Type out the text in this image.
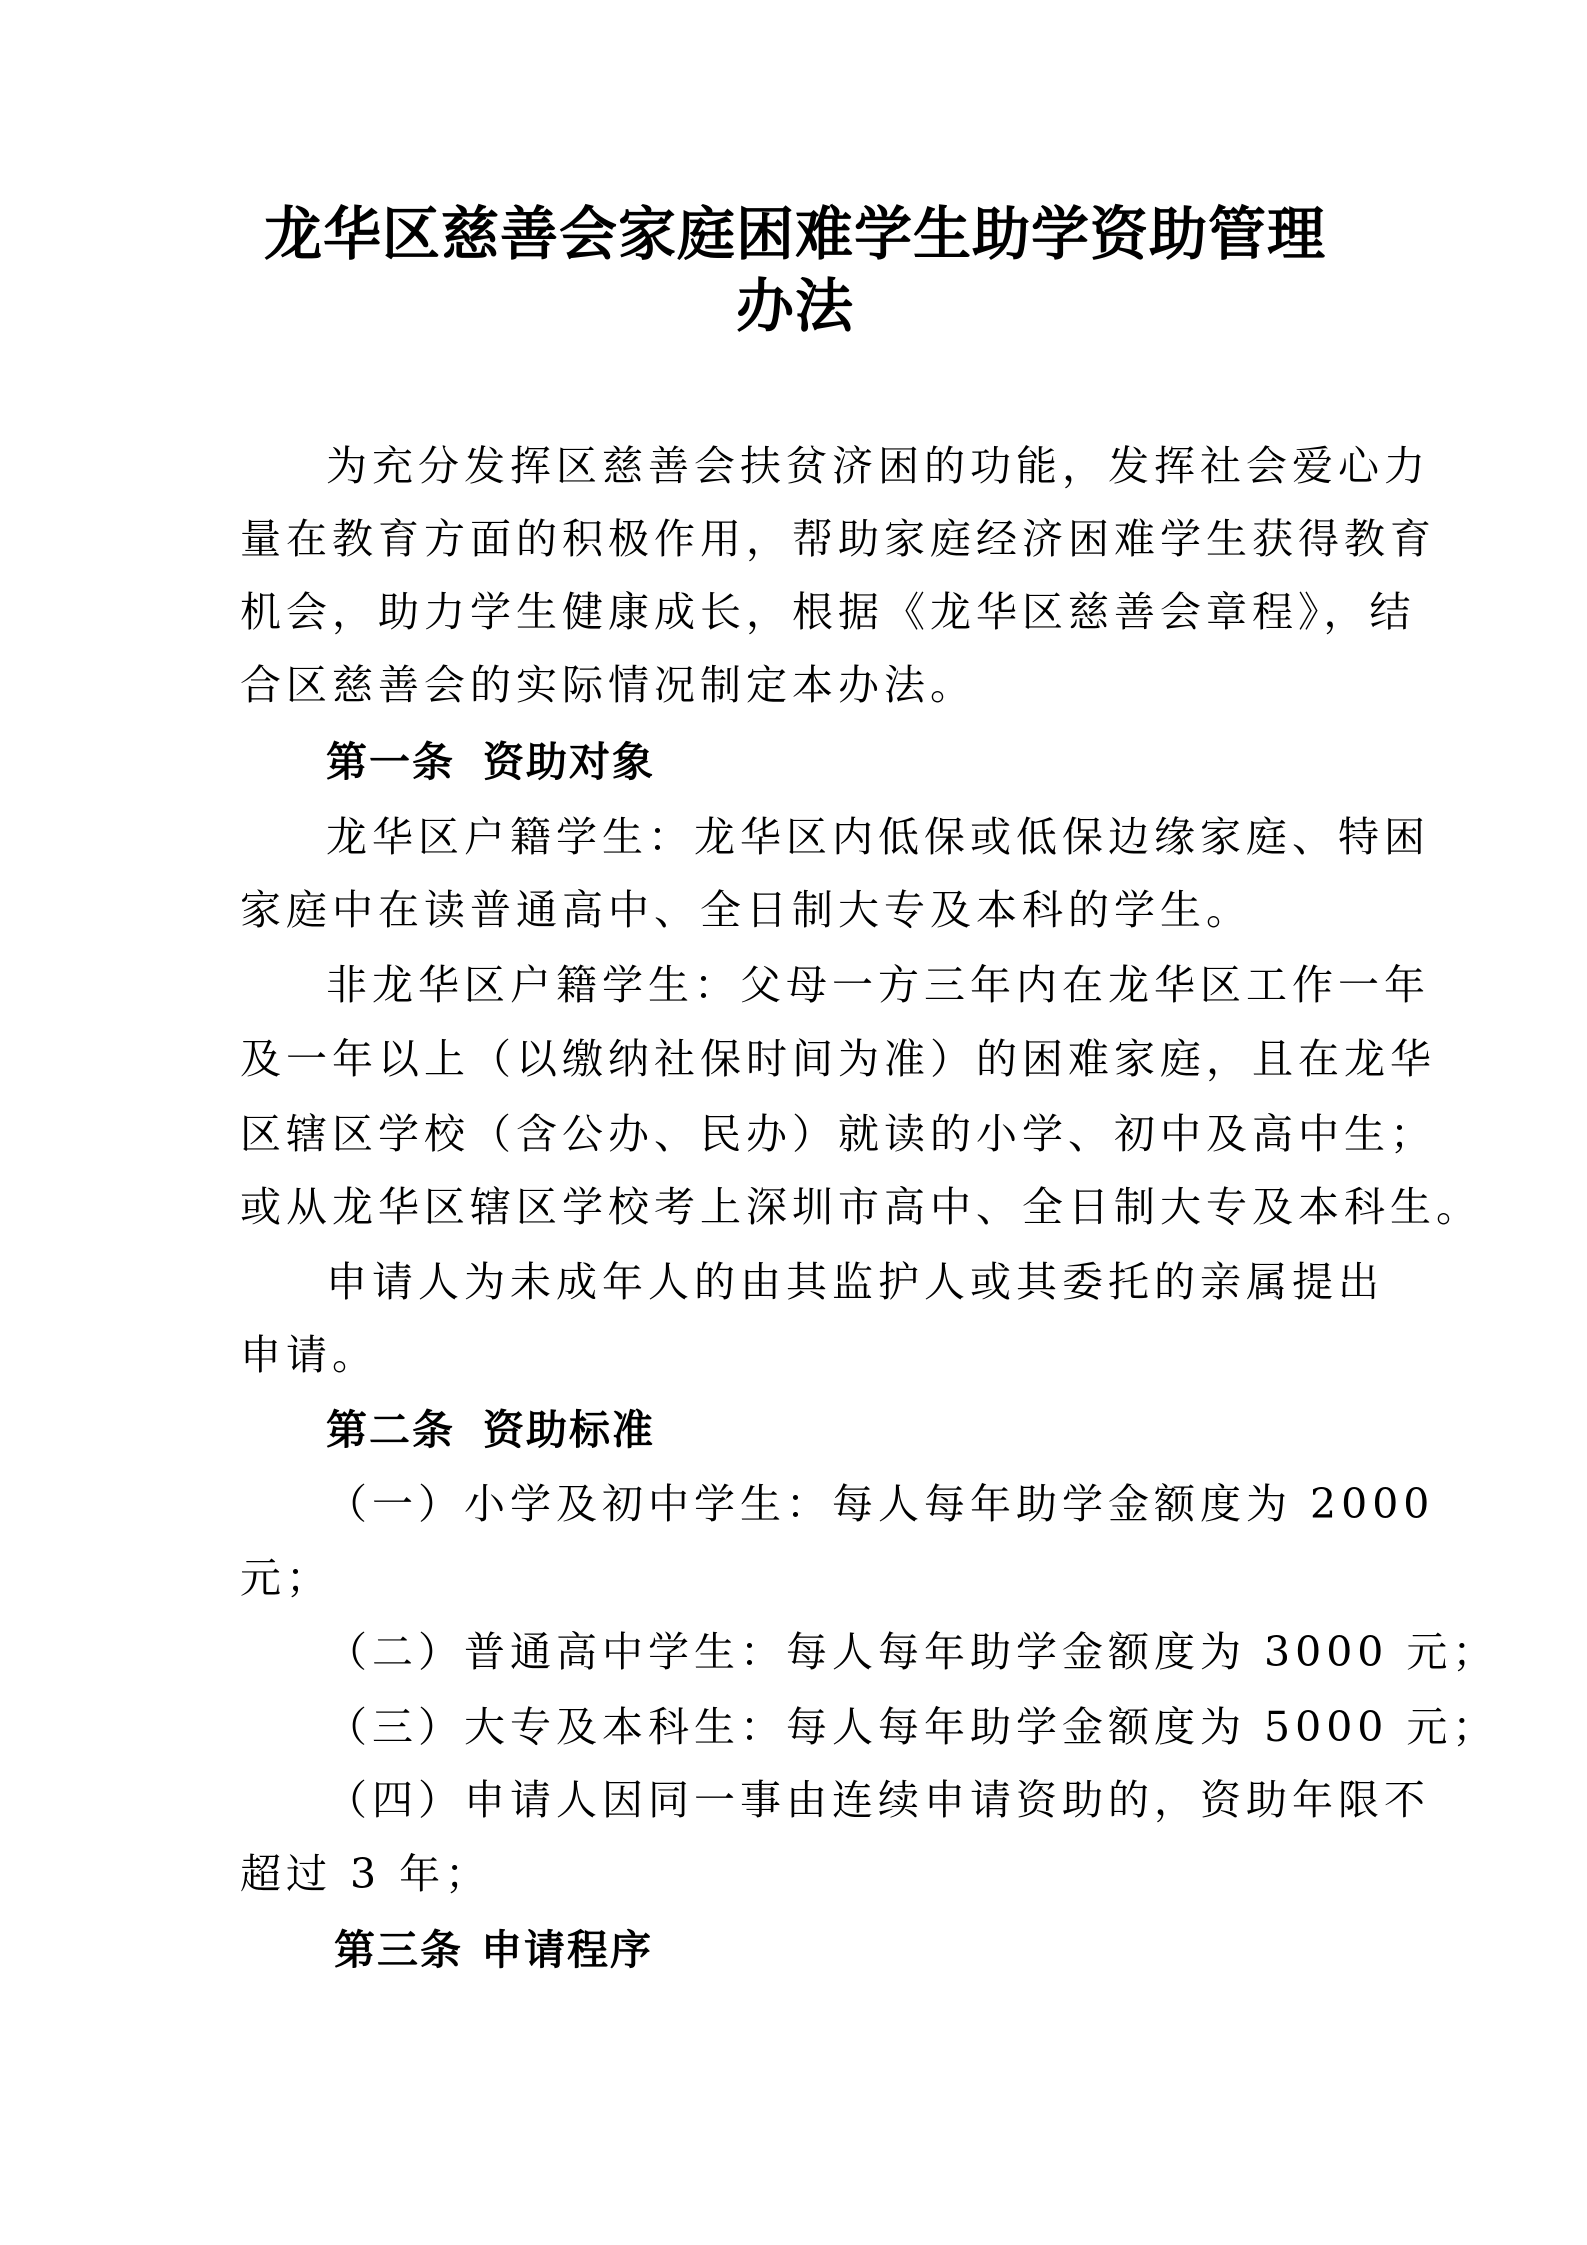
龙华区慈善会家庭困难学生助学资助管理
办法
为充分发挥区慈善会扶贫济困的功能，发挥社会爱心力
量在教育方面的积极作用，帮助家庭经济困难学生获得教育
机会，助力学生健康成长，根据《龙华区慈善会章程》，结
合区慈善会的实际情况制定本办法。
第一条 资助对象
龙华区户籍学生：龙华区内低保或低保边缘家庭、特困
家庭中在读普通高中、全日制大专及本科的学生。
非龙华区户籍学生：父母一方三年内在龙华区工作一年
及一年以上（以缴纳社保时间为准）的困难家庭，且在龙华
区辖区学校（含公办、民办）就读的小学、初中及高中生；
或从龙华区辖区学校考上深圳市高中、全日制大专及本科生。
申请人为未成年人的由其监护人或其委托的亲属提出
申请。
第二条 资助标准
（一）小学及初中学生：每人每年助学金额度为 2000
元；
（二）普通高中学生：每人每年助学金额度为 3000 元；
（三）大专及本科生：每人每年助学金额度为 5000 元；
（四）申请人因同一事由连续申请资助的，资助年限不
超过 3 年；
第三条 申请程序
